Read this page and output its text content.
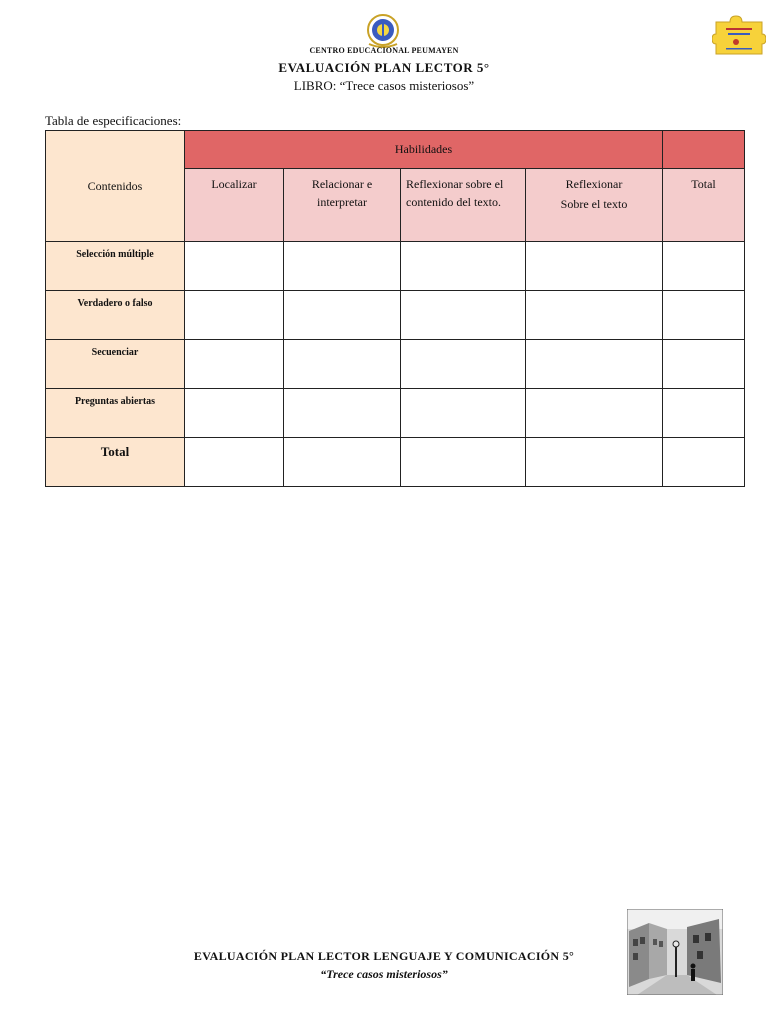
CENTRO EDUCACIONAL PEUMAYEN
EVALUACIÓN PLAN LECTOR 5°
LIBRO: “Trece casos misteriosos”
Tabla de especificaciones:
Contenidos	Habilidades				

	Localizar	Relacionar e interpretar	Reflexionar sobre el contenido del texto.	Reflexionar
Sobre el texto	Total

Selección múltiple					

Verdadero o falso					

Secuenciar					

Preguntas abiertas					

Total					

EVALUACIÓN PLAN LECTOR LENGUAJE Y COMUNICACIÓN 5°
“Trece casos misteriosos”
